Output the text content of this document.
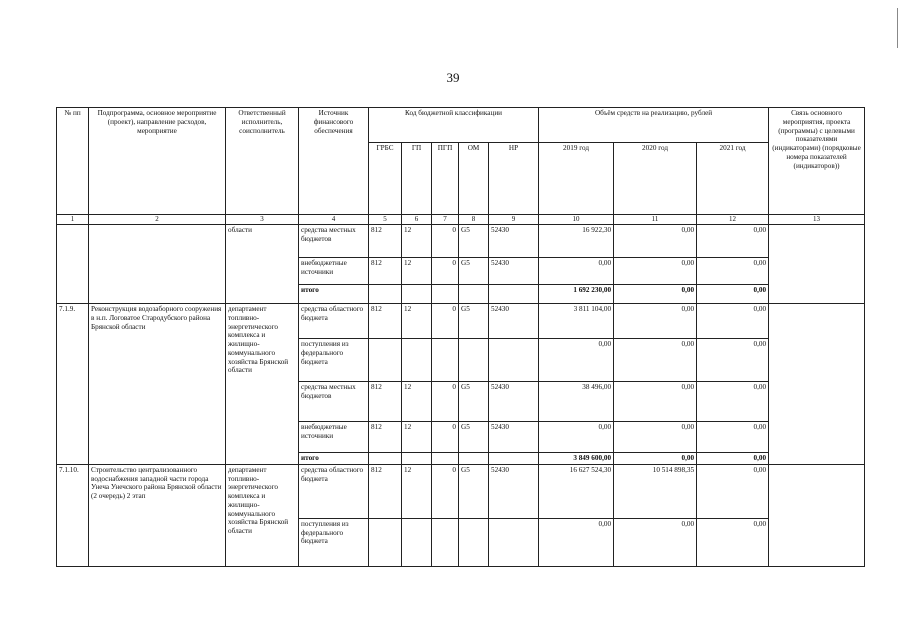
39
№ пп	Подпрограмма, основное мероприятие (проект), направление расходов, мероприятие	Ответственный исполнитель, соисполнитель	Источник финансового обеспечения	Код бюджетной классификации					Объём средств на реализацию, рублей			Связь основного мероприятия, проекта (программы) с целевыми показателями (индикаторами) (порядковые номера показателей (индикаторов))
				ГРБС	ГП	ПГП	ОМ	НР	2019 год	2020 год	2021 год	
1	2	3	4	5	6	7	8	9	10	11	12	13
		области	средства местных бюджетов	812	12	0	G5	52430	16 922,30	0,00	0,00	
			внебюджетные источники	812	12	0	G5	52430	0,00	0,00	0,00	
			итого						1 692 230,00	0,00	0,00	
7.1.9.	Реконструкция водозаборного сооружения в н.п. Логоватое Стародубского района Брянской области	департамент топливно-энергетического комплекса и жилищно-коммунального хозяйства Брянской области	средства областного бюджета	812	12	0	G5	52430	3 811 104,00	0,00	0,00	
			поступления из федерального бюджета						0,00	0,00	0,00	
			средства местных бюджетов	812	12	0	G5	52430	38 496,00	0,00	0,00	
			внебюджетные источники	812	12	0	G5	52430	0,00	0,00	0,00	
			итого						3 849 600,00	0,00	0,00	
7.1.10.	Строительство централизованного водоснабжения западной части города Унеча Унечского района Брянской области (2 очередь) 2 этап	департамент топливно-энергетического комплекса и жилищно-коммунального хозяйства Брянской области	средства областного бюджета	812	12	0	G5	52430	16 627 524,30	10 514 898,35	0,00	
			поступления из федерального бюджета						0,00	0,00	0,00	
